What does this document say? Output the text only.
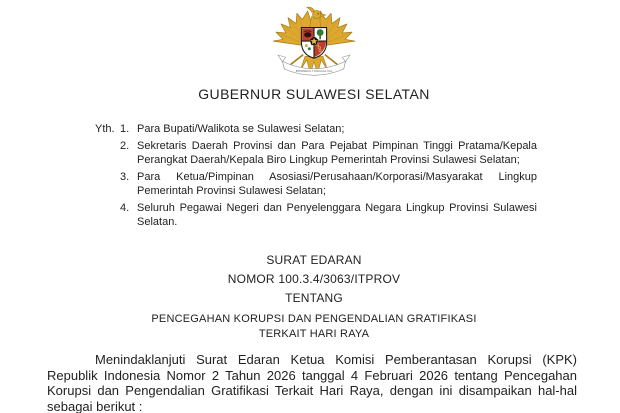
BHINNEKA TUNGGAL IKA
GUBERNUR SULAWESI SELATAN
Yth. 1. Para Bupati/Walikota se Sulawesi Selatan;
2. Sekretaris Daerah Provinsi dan Para Pejabat Pimpinan Tinggi Pratama/Kepala Perangkat Daerah/Kepala Biro Lingkup Pemerintah Provinsi Sulawesi Selatan;
3. Para Ketua/Pimpinan Asosiasi/Perusahaan/Korporasi/Masyarakat Lingkup Pemerintah Provinsi Sulawesi Selatan;
4. Seluruh Pegawai Negeri dan Penyelenggara Negara Lingkup Provinsi Sulawesi Selatan.
SURAT EDARAN
NOMOR 100.3.4/3063/ITPROV
TENTANG
PENCEGAHAN KORUPSI DAN PENGENDALIAN GRATIFIKASI
TERKAIT HARI RAYA

Menindaklanjuti Surat Edaran Ketua Komisi Pemberantasan Korupsi (KPK) Republik Indonesia Nomor 2 Tahun 2026 tanggal 4 Februari 2026 tentang Pencegahan Korupsi dan Pengendalian Gratifikasi Terkait Hari Raya, dengan ini disampaikan hal-hal sebagai berikut :
